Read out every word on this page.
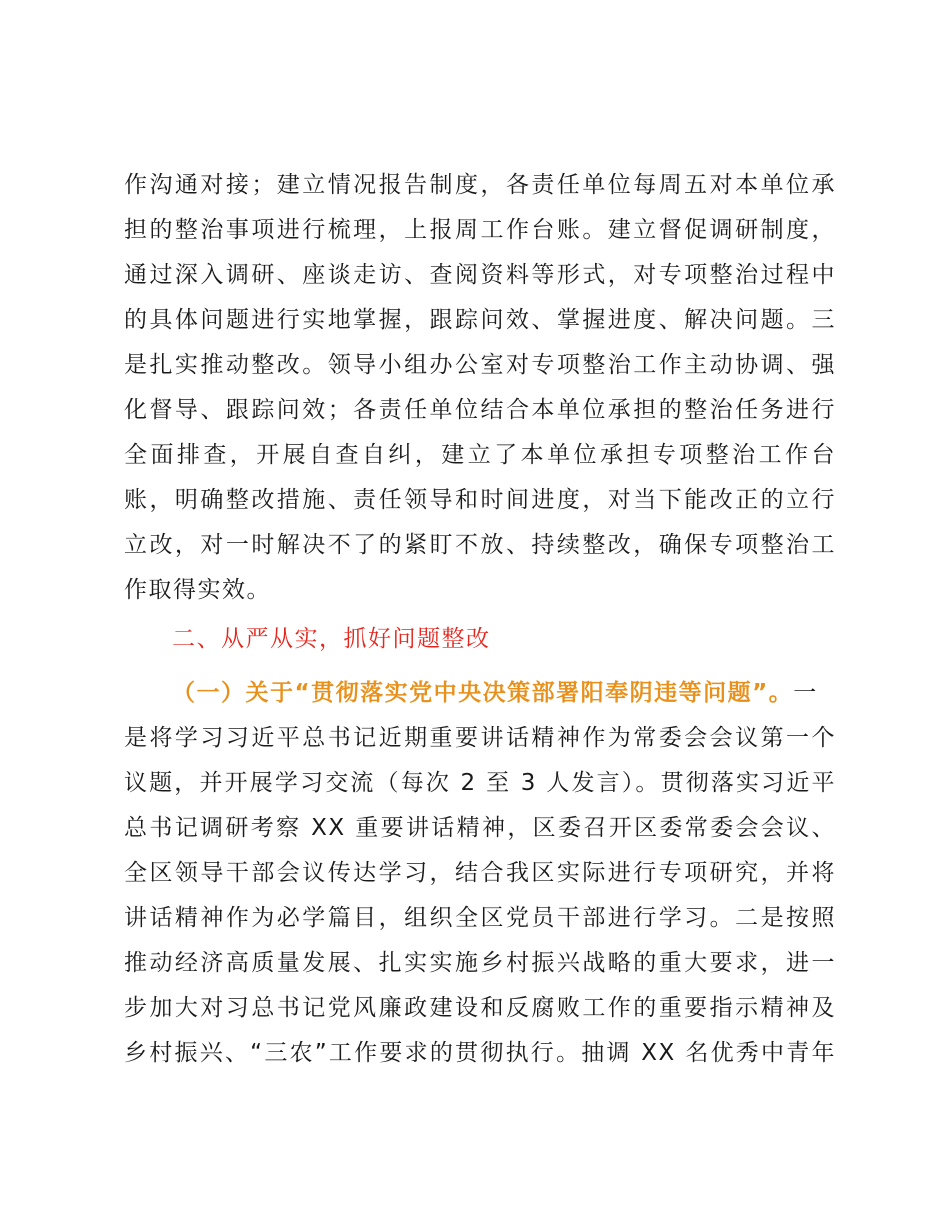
作沟通对接；建立情况报告制度，各责任单位每周五对本单位承
担的整治事项进行梳理，上报周工作台账。建立督促调研制度，
通过深入调研、座谈走访、查阅资料等形式，对专项整治过程中
的具体问题进行实地掌握，跟踪问效、掌握进度、解决问题。三
是扎实推动整改。领导小组办公室对专项整治工作主动协调、强
化督导、跟踪问效；各责任单位结合本单位承担的整治任务进行
全面排查，开展自查自纠，建立了本单位承担专项整治工作台
账，明确整改措施、责任领导和时间进度，对当下能改正的立行
立改，对一时解决不了的紧盯不放、持续整改，确保专项整治工
作取得实效。
二、从严从实，抓好问题整改
（一）关于“贯彻落实党中央决策部署阳奉阴违等问题”。一
是将学习习近平总书记近期重要讲话精神作为常委会会议第一个
议题，并开展学习交流（每次 2 至 3 人发言）。贯彻落实习近平
总书记调研考察 XX 重要讲话精神，区委召开区委常委会会议、
全区领导干部会议传达学习，结合我区实际进行专项研究，并将
讲话精神作为必学篇目，组织全区党员干部进行学习。二是按照
推动经济高质量发展、扎实实施乡村振兴战略的重大要求，进一
步加大对习总书记党风廉政建设和反腐败工作的重要指示精神及
乡村振兴、“三农”工作要求的贯彻执行。抽调 XX 名优秀中青年
